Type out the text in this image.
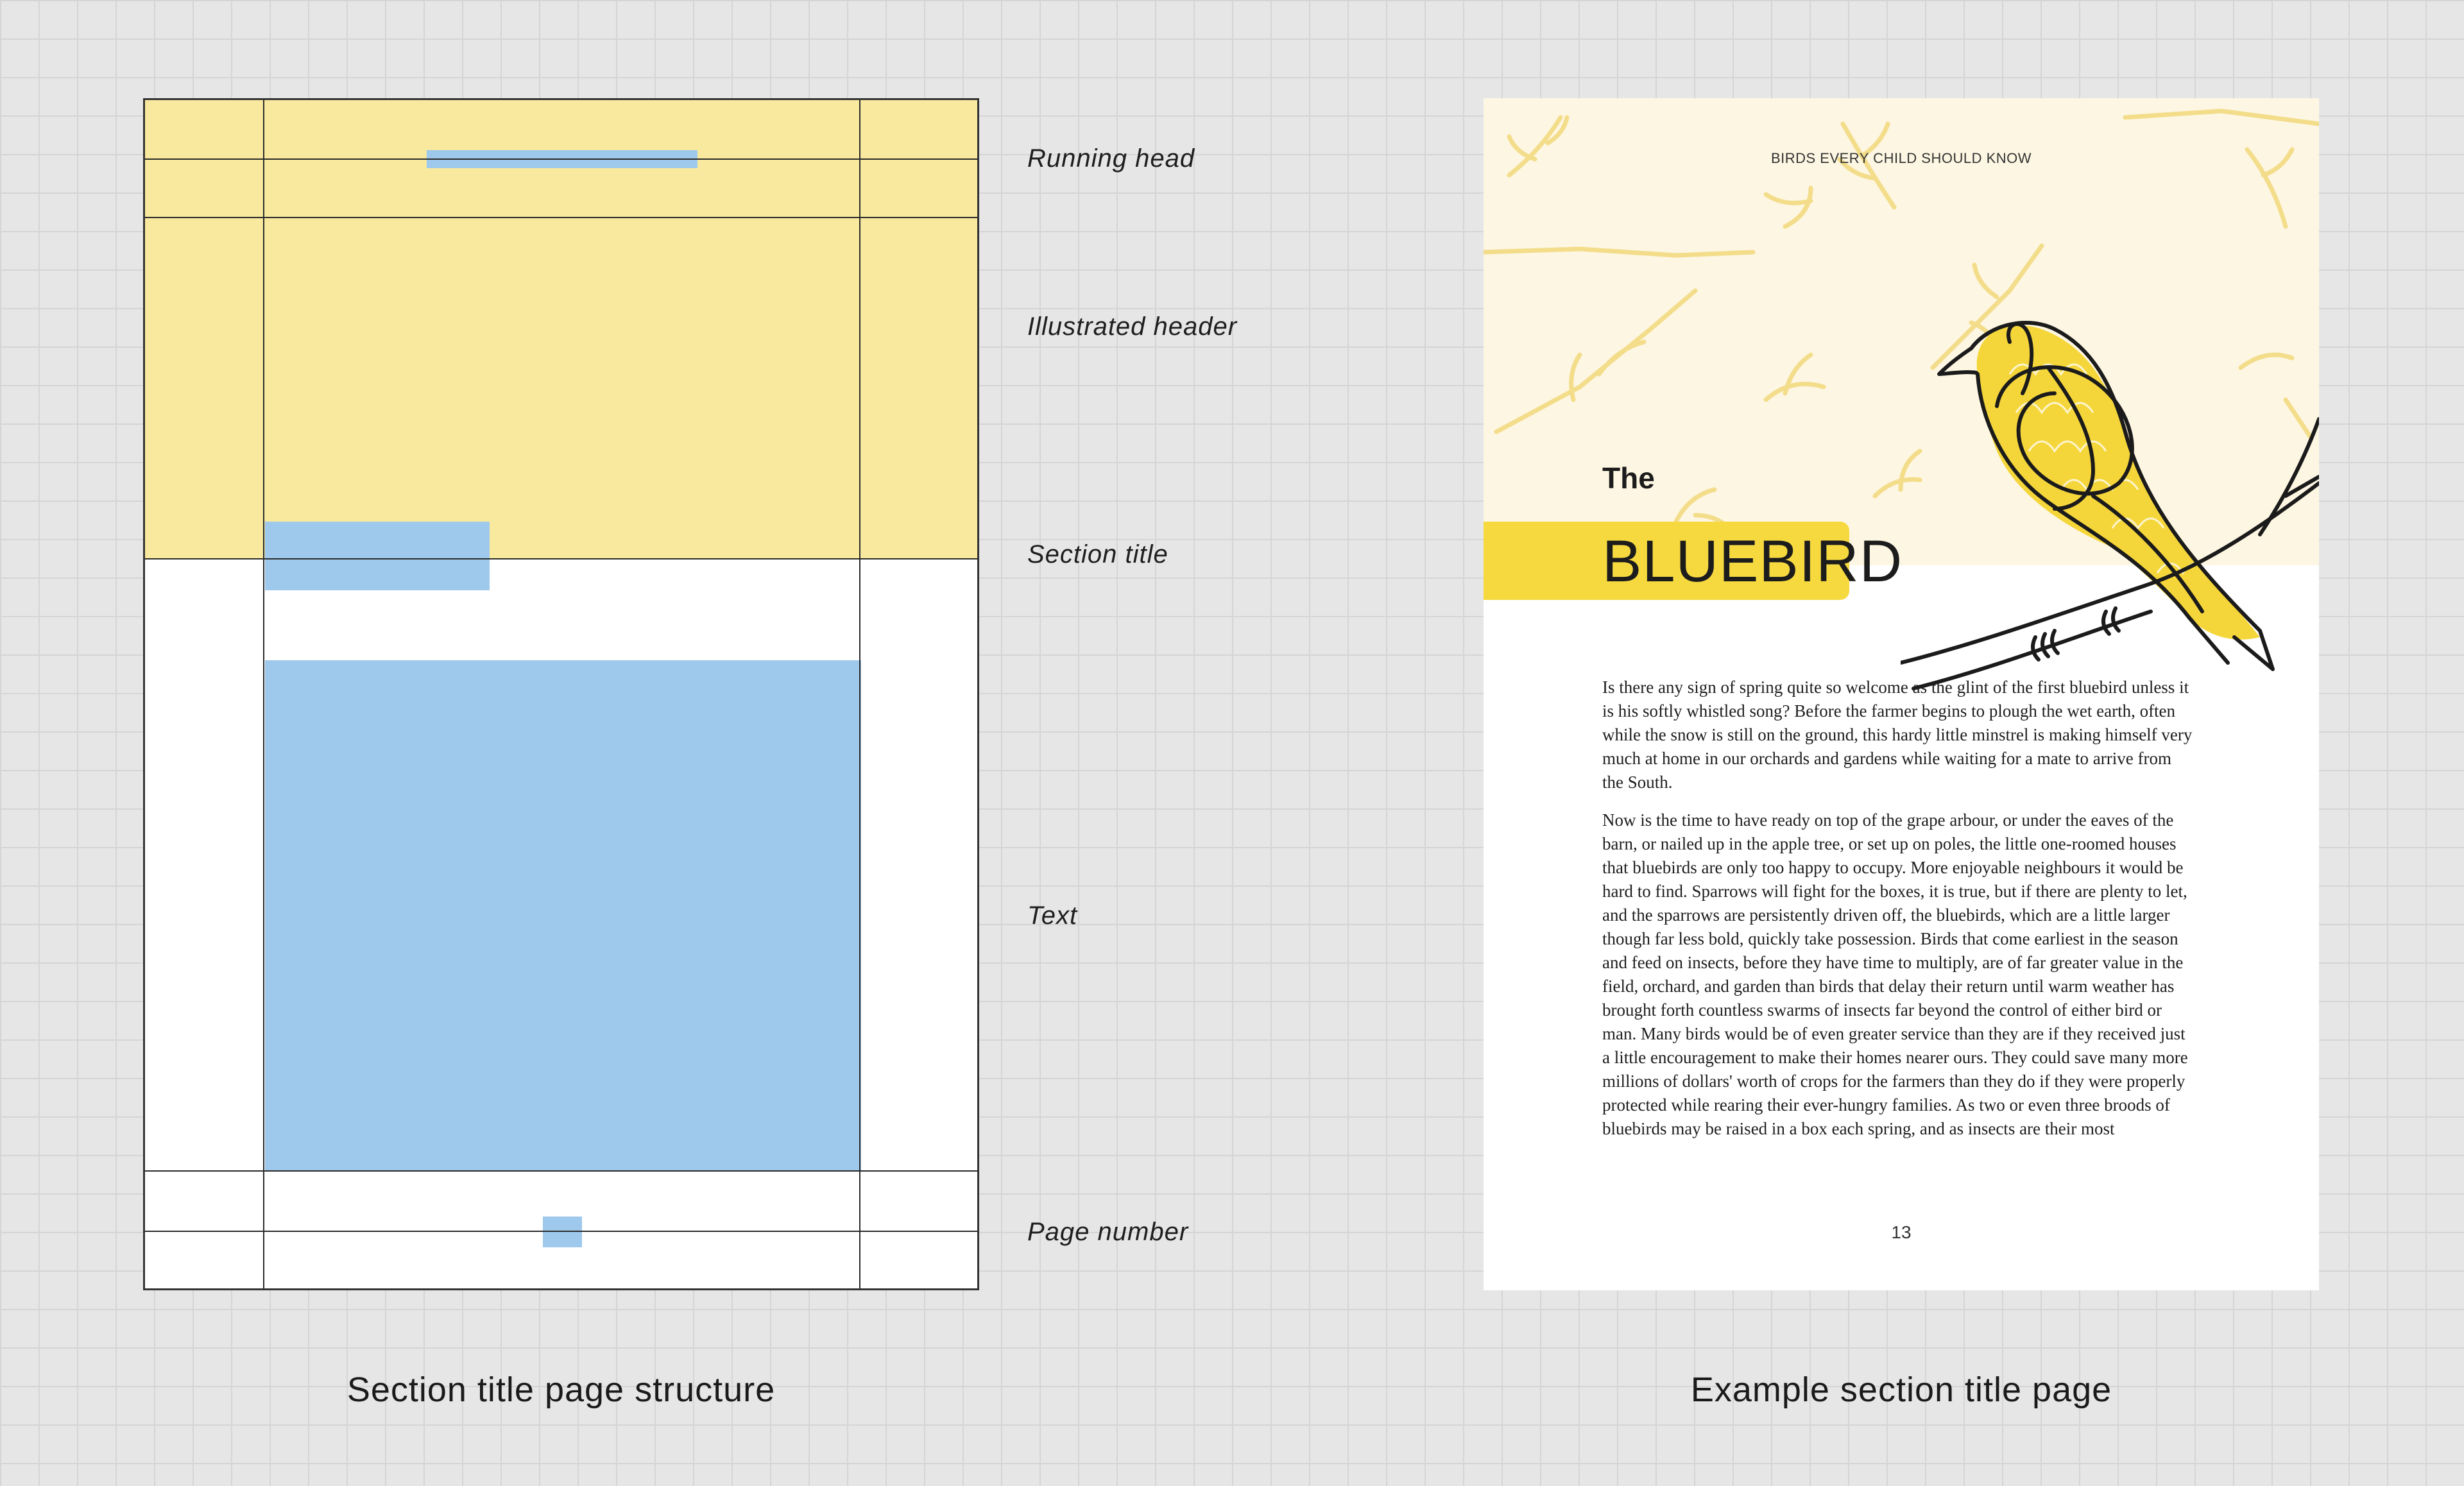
Running head
Illustrated header
Section title
Text
Page number
Section title page structure
BIRDS EVERY CHILD SHOULD KNOW
The
BLUEBIRD

Is there any sign of spring quite so welcome as the glint of the first bluebird unless it is his softly whistled song? Before the farmer begins to plough the wet earth, often while the snow is still on the ground, this hardy little minstrel is making himself very much at home in our orchards and gardens while waiting for a mate to arrive from the South.

Now is the time to have ready on top of the grape arbour, or under the eaves of the barn, or nailed up in the apple tree, or set up on poles, the little one-roomed houses that bluebirds are only too happy to occupy. More enjoyable neighbours it would be hard to find. Sparrows will fight for the boxes, it is true, but if there are plenty to let, and the sparrows are persistently driven off, the bluebirds, which are a little larger though far less bold, quickly take possession. Birds that come earliest in the season and feed on insects, before they have time to multiply, are of far greater value in the field, orchard, and garden than birds that delay their return until warm weather has brought forth countless swarms of insects far beyond the control of either bird or man. Many birds would be of even greater service than they are if they received just a little encouragement to make their homes nearer ours. They could save many more millions of dollars' worth of crops for the farmers than they do if they were properly protected while rearing their ever-hungry families. As two or even three broods of bluebirds may be raised in a box each spring, and as insects are their most

13
Example section title page
